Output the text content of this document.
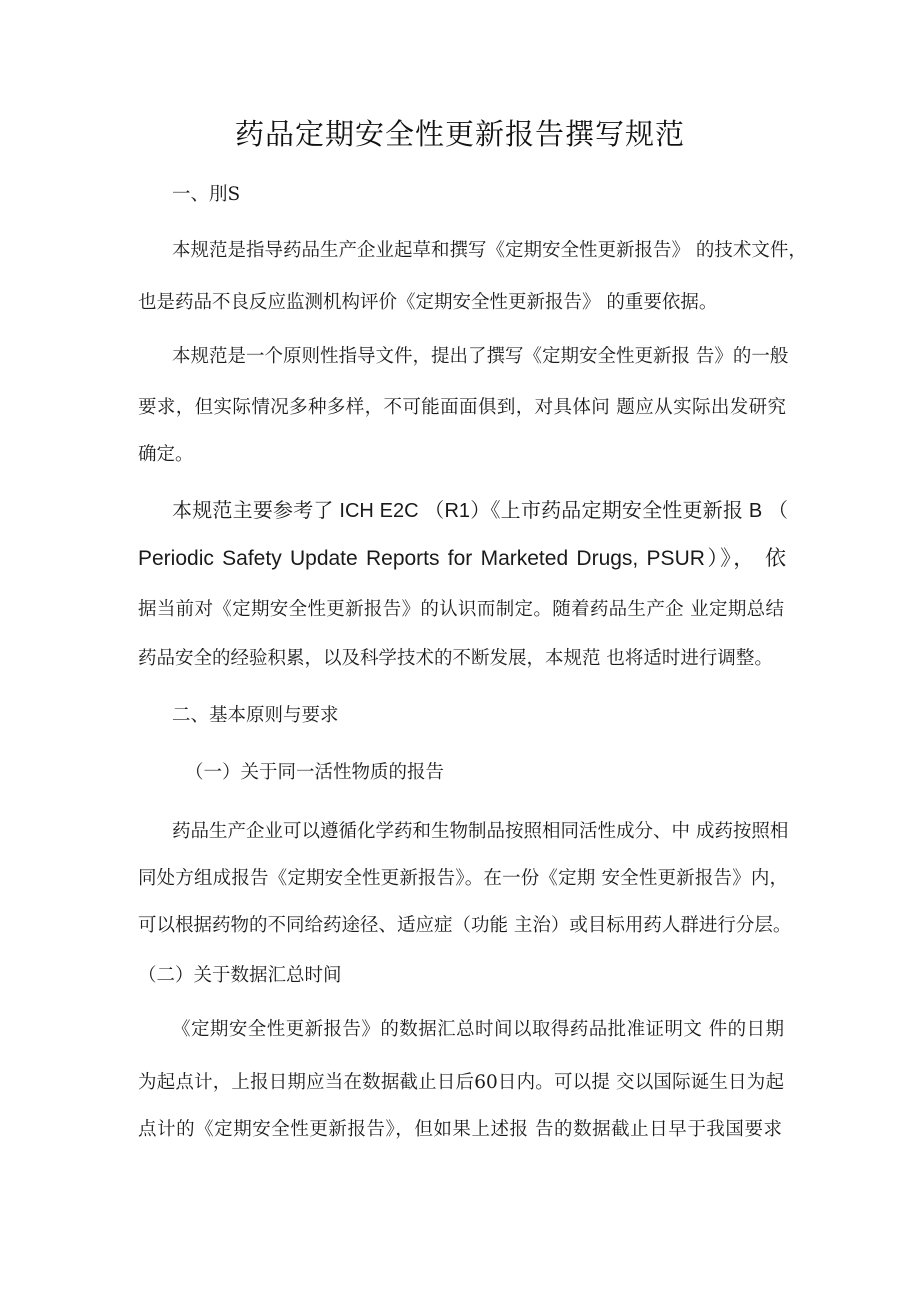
药品定期安全性更新报告撰写规范
一、刖S
本规范是指导药品生产企业起草和撰写《定期安全性更新报告》 的技术文件，
也是药品不良反应监测机构评价《定期安全性更新报告》 的重要依据。
本规范是一个原则性指导文件，提出了撰写《定期安全性更新报 告》的一般
要求，但实际情况多种多样，不可能面面俱到，对具体问 题应从实际出发研究
确定。
本规范主要参考了 ICH E2C （R1）《上市药品定期安全性更新报 B （
Periodic Safety Update Reports for Marketed Drugs, PSUR）》， 依
据当前对《定期安全性更新报告》的认识而制定。随着药品生产企 业定期总结
药品安全的经验积累，以及科学技术的不断发展，本规范 也将适时进行调整。
二、基本原则与要求
（一）关于同一活性物质的报告
药品生产企业可以遵循化学药和生物制品按照相同活性成分、中 成药按照相
同处方组成报告《定期安全性更新报告》。在一份《定期 安全性更新报告》内，
可以根据药物的不同给药途径、适应症（功能 主治）或目标用药人群进行分层。
（二）关于数据汇总时间
《定期安全性更新报告》的数据汇总时间以取得药品批准证明文 件的日期
为起点计，上报日期应当在数据截止日后60日内。可以提 交以国际诞生日为起
点计的《定期安全性更新报告》，但如果上述报 告的数据截止日早于我国要求
